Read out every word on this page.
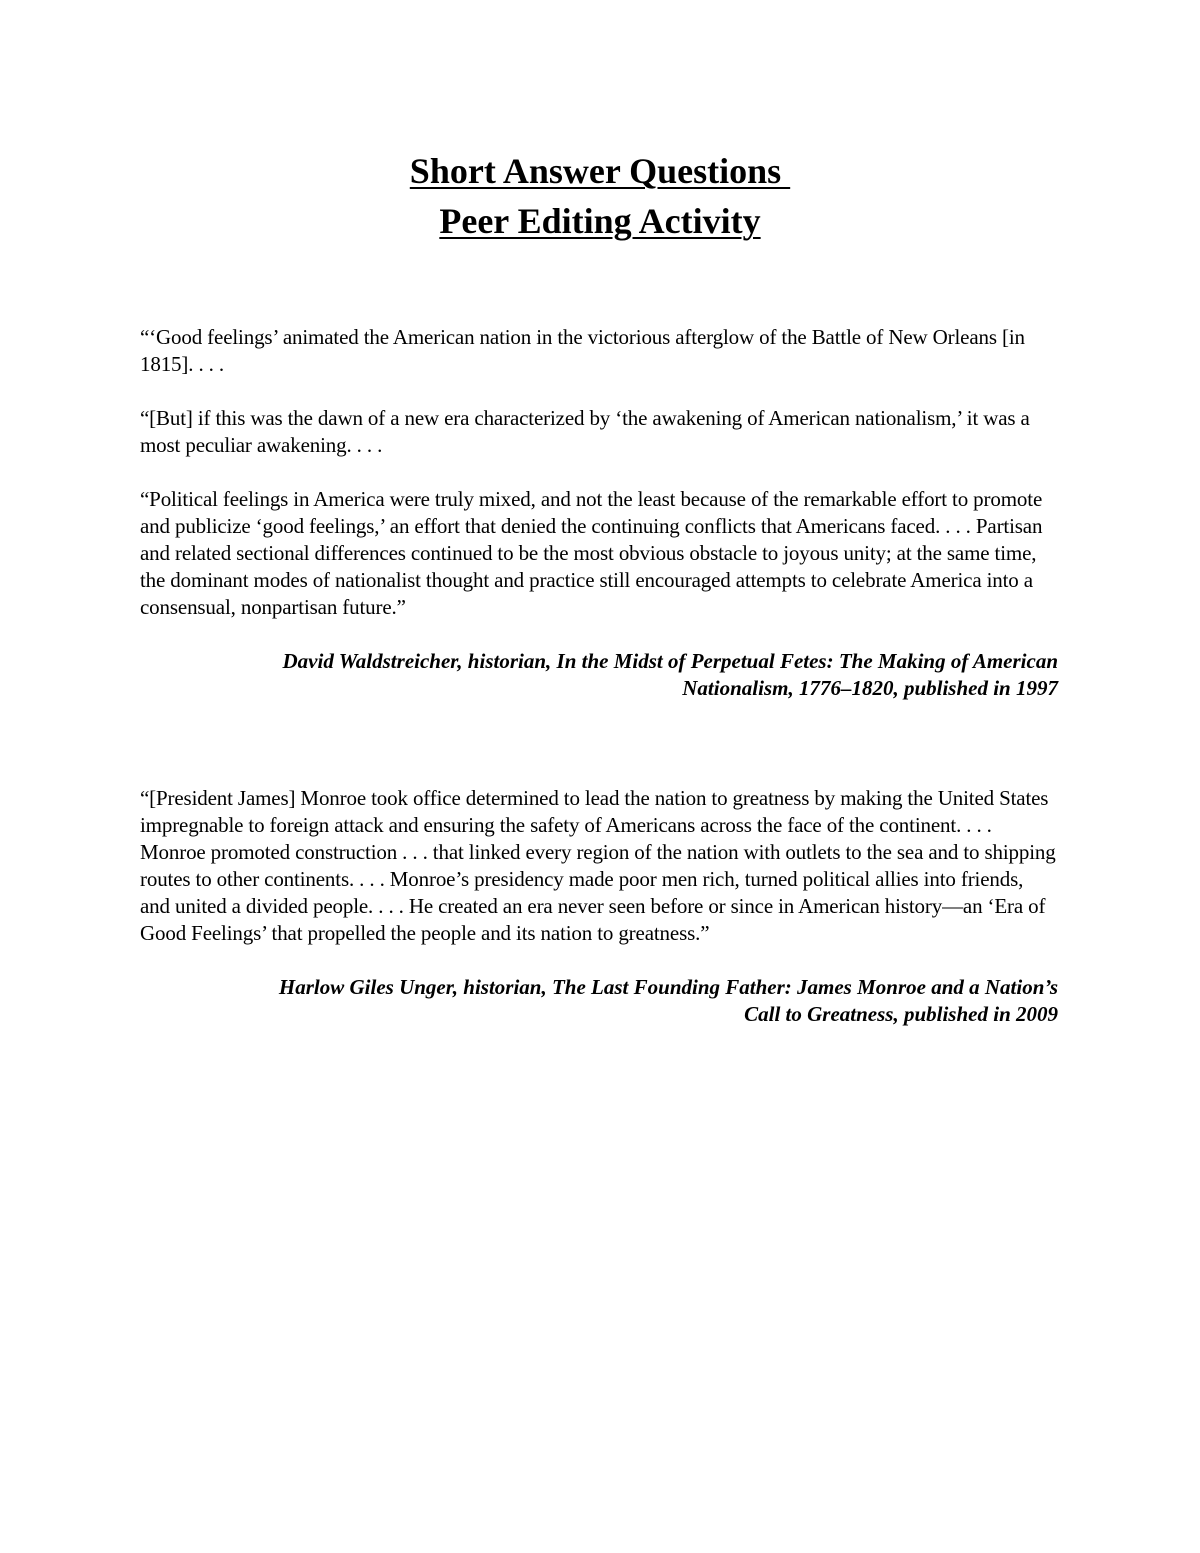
Short Answer Questions
Peer Editing Activity

“‘Good feelings’ animated the American nation in the victorious afterglow of the Battle of New Orleans [in 1815]. . . .

“[But] if this was the dawn of a new era characterized by ‘the awakening of American nationalism,’ it was a most peculiar awakening. . . .

“Political feelings in America were truly mixed, and not the least because of the remarkable effort to promote and publicize ‘good feelings,’ an effort that denied the continuing conflicts that Americans faced. . . . Partisan and related sectional differences continued to be the most obvious obstacle to joyous unity; at the same time, the dominant modes of nationalist thought and practice still encouraged attempts to celebrate America into a consensual, nonpartisan future.”

David Waldstreicher, historian, In the Midst of Perpetual Fetes: The Making of American
Nationalism, 1776–1820, published in 1997

“[President James] Monroe took office determined to lead the nation to greatness by making the United States impregnable to foreign attack and ensuring the safety of Americans across the face of the continent. . . . Monroe promoted construction . . . that linked every region of the nation with outlets to the sea and to shipping routes to other continents. . . . Monroe’s presidency made poor men rich, turned political allies into friends, and united a divided people. . . . He created an era never seen before or since in American history—an ‘Era of Good Feelings’ that propelled the people and its nation to greatness.”

Harlow Giles Unger, historian, The Last Founding Father: James Monroe and a Nation’s
Call to Greatness, published in 2009
